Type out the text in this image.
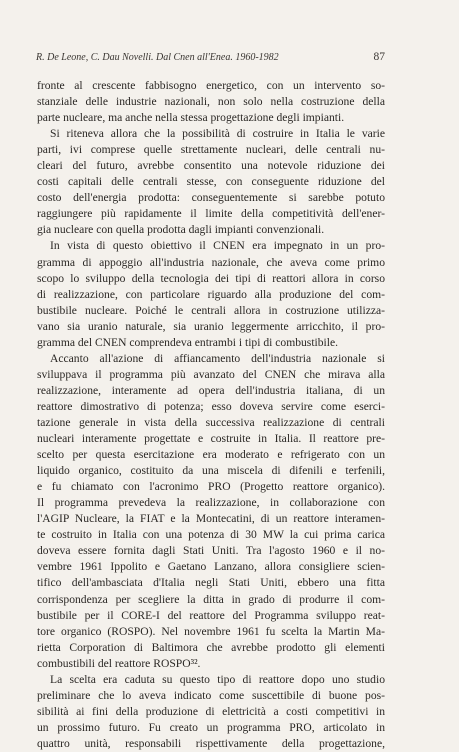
R. De Leone, C. Dau Novelli. Dal Cnen all'Enea. 1960-1982	87
fronte al crescente fabbisogno energetico, con un intervento so-
stanziale delle industrie nazionali, non solo nella costruzione della
parte nucleare, ma anche nella stessa progettazione degli impianti.
Si riteneva allora che la possibilità di costruire in Italia le varie
parti, ivi comprese quelle strettamente nucleari, delle centrali nu-
cleari del futuro, avrebbe consentito una notevole riduzione dei
costi capitali delle centrali stesse, con conseguente riduzione del
costo dell'energia prodotta: conseguentemente si sarebbe potuto
raggiungere più rapidamente il limite della competitività dell'ener-
gia nucleare con quella prodotta dagli impianti convenzionali.
In vista di questo obiettivo il CNEN era impegnato in un pro-
gramma di appoggio all'industria nazionale, che aveva come primo
scopo lo sviluppo della tecnologia dei tipi di reattori allora in corso
di realizzazione, con particolare riguardo alla produzione del com-
bustibile nucleare. Poiché le centrali allora in costruzione utilizza-
vano sia uranio naturale, sia uranio leggermente arricchito, il pro-
gramma del CNEN comprendeva entrambi i tipi di combustibile.
Accanto all'azione di affiancamento dell'industria nazionale si
sviluppava il programma più avanzato del CNEN che mirava alla
realizzazione, interamente ad opera dell'industria italiana, di un
reattore dimostrativo di potenza; esso doveva servire come eserci-
tazione generale in vista della successiva realizzazione di centrali
nucleari interamente progettate e costruite in Italia. Il reattore pre-
scelto per questa esercitazione era moderato e refrigerato con un
liquido organico, costituito da una miscela di difenili e terfenili,
e fu chiamato con l'acronimo PRO (Progetto reattore organico).
Il programma prevedeva la realizzazione, in collaborazione con
l'AGIP Nucleare, la FIAT e la Montecatini, di un reattore interamen-
te costruito in Italia con una potenza di 30 MW la cui prima carica
doveva essere fornita dagli Stati Uniti. Tra l'agosto 1960 e il no-
vembre 1961 Ippolito e Gaetano Lanzano, allora consigliere scien-
tifico dell'ambasciata d'Italia negli Stati Uniti, ebbero una fitta
corrispondenza per scegliere la ditta in grado di produrre il com-
bustibile per il CORE-I del reattore del Programma sviluppo reat-
tore organico (ROSPO). Nel novembre 1961 fu scelta la Martin Ma-
rietta Corporation di Baltimora che avrebbe prodotto gli elementi
combustibili del reattore ROSPO³².
La scelta era caduta su questo tipo di reattore dopo uno studio
preliminare che lo aveva indicato come suscettibile di buone pos-
sibilità ai fini della produzione di elettricità a costi competitivi in
un prossimo futuro. Fu creato un programma PRO, articolato in
quattro unità, responsabili rispettivamente della progettazione,
